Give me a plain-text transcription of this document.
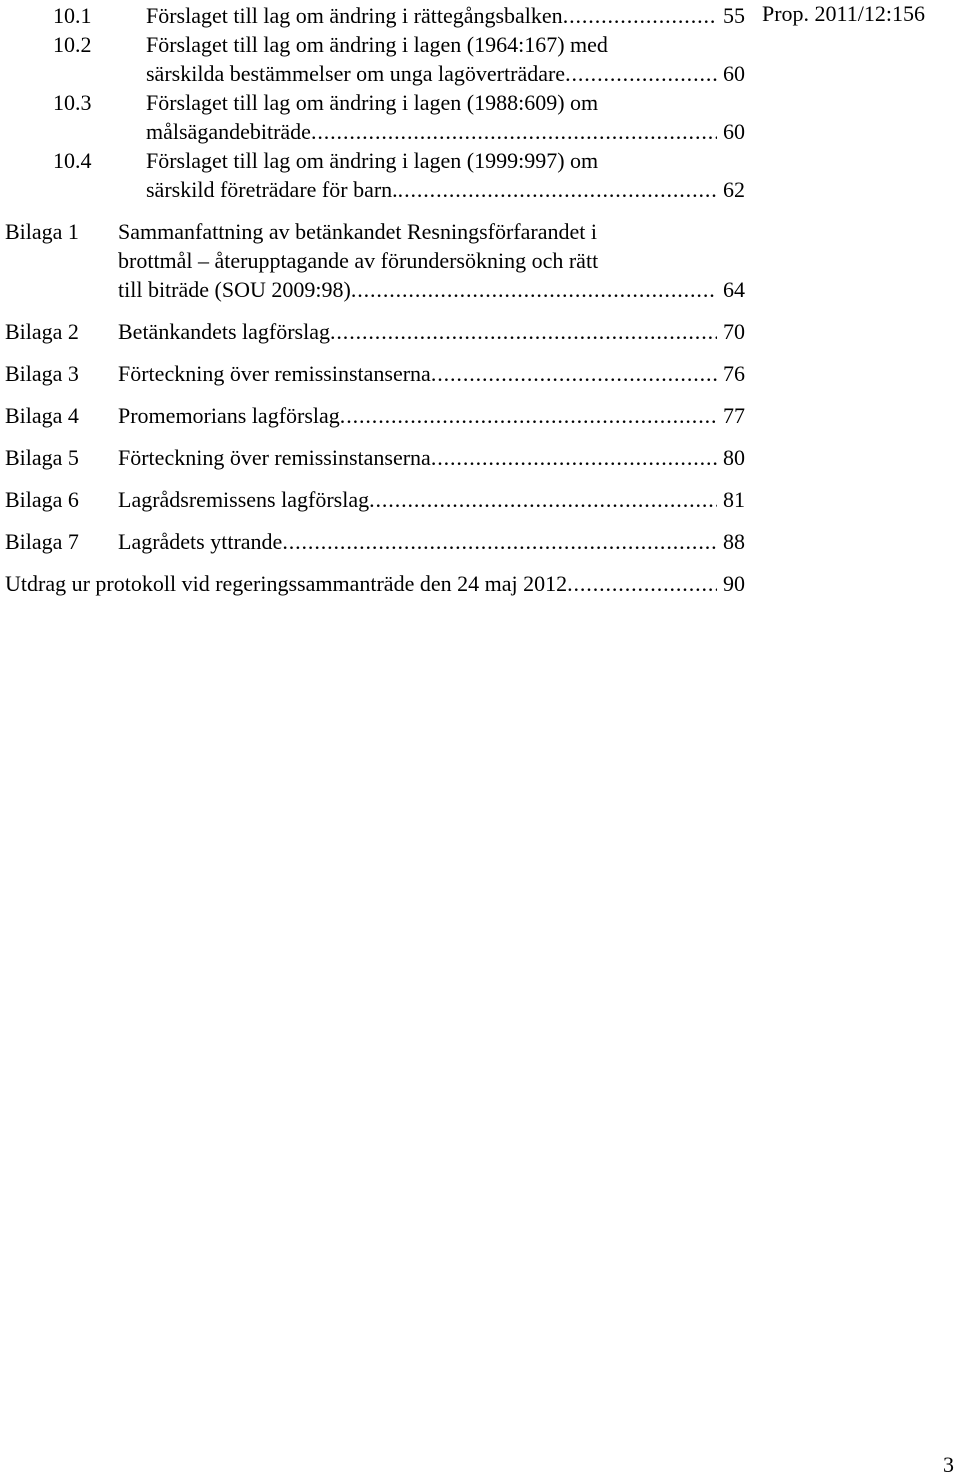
Prop. 2011/12:156
10.1	Förslaget till lag om ändring i rättegångsbalken . . .	55
10.2	Förslaget till lag om ändring i lagen (1964:167) med
särskilda bestämmelser om unga lagöverträdare . . .	60
10.3	Förslaget till lag om ändring i lagen (1988:609) om
målsägandebiträde . . .	60
10.4	Förslaget till lag om ändring i lagen (1999:997) om
särskild företrädare för barn. . . .	62
Bilaga 1	Sammanfattning av betänkandet Resningsförfarandet i
brottmål – återupptagande av förundersökning och rätt
till biträde (SOU 2009:98) . . .	64
Bilaga 2	Betänkandets lagförslag . . .	70
Bilaga 3	Förteckning över remissinstanserna . . .	76
Bilaga 4	Promemorians lagförslag . . .	77
Bilaga 5	Förteckning över remissinstanserna . . .	80
Bilaga 6	Lagrådsremissens lagförslag . . .	81
Bilaga 7	Lagrådets yttrande . . .	88
Utdrag ur protokoll vid regeringssammanträde den 24 maj 2012 . . .	90
3
